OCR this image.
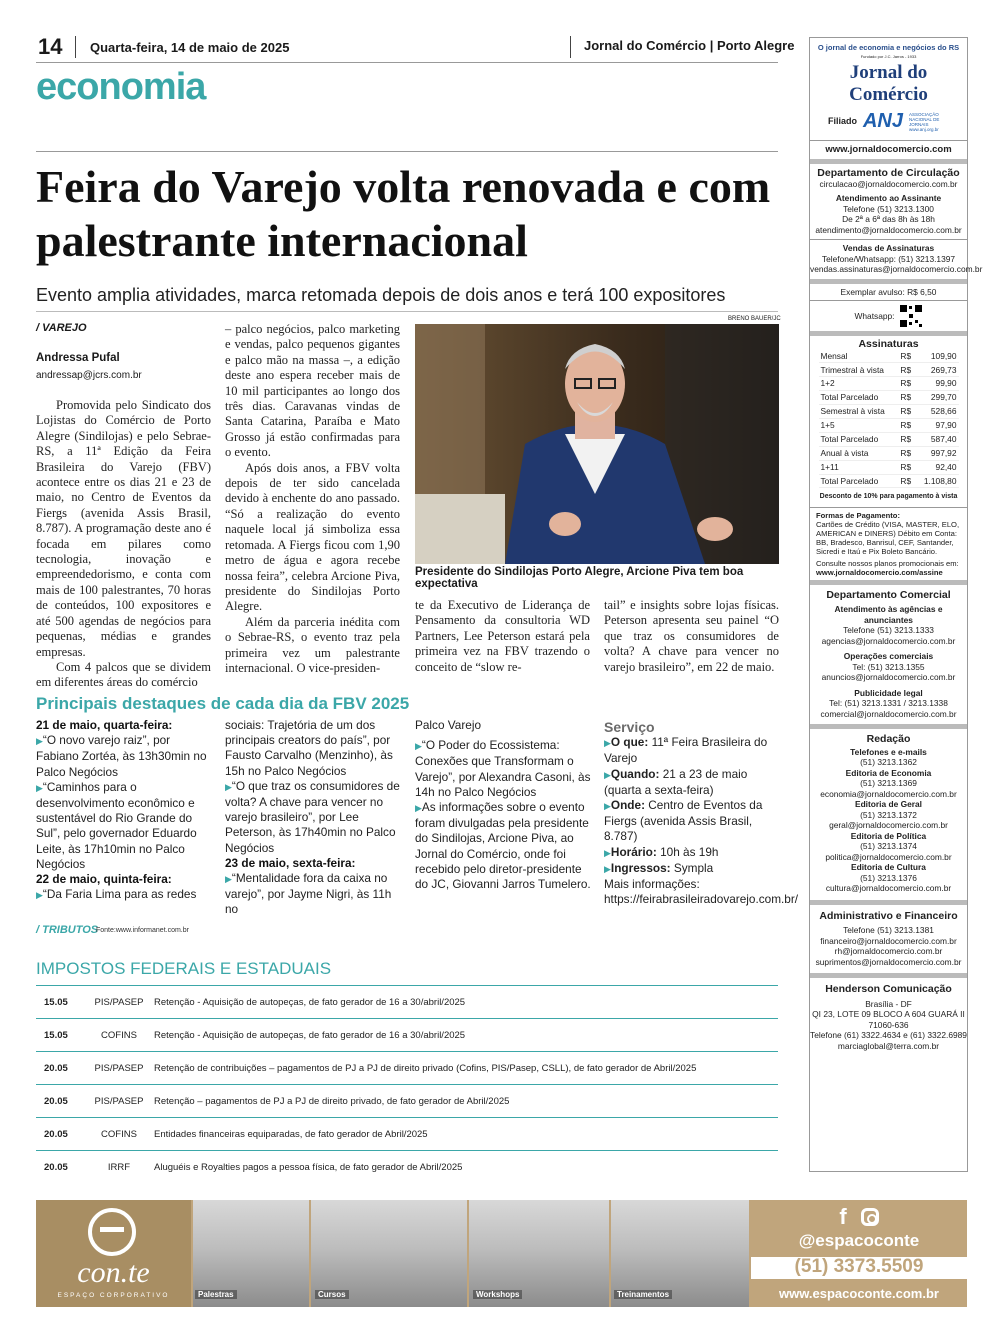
14 Quarta-feira, 14 de maio de 2025	Jornal do Comércio | Porto Alegre
economia
Feira do Varejo volta renovada e com palestrante internacional
Evento amplia atividades, marca retomada depois de dois anos e terá 100 expositores
/ VAREJO
Andressa Pufal
andressap@jcrs.com.br

Promovida pelo Sindicato dos Lojistas do Comércio de Porto Alegre (Sindilojas) e pelo Sebrae-RS, a 11ª Edição da Feira Brasileira do Varejo (FBV) acontece entre os dias 21 e 23 de maio, no Centro de Eventos da Fiergs (avenida Assis Brasil, 8.787). A programação deste ano é focada em pilares como tecnologia, inovação e empreendedorismo, e conta com mais de 100 palestrantes, 70 horas de conteúdos, 100 expositores e até 500 agendas de negócios para pequenas, médias e grandes empresas.

Com 4 palcos que se dividem em diferentes áreas do comércio

– palco negócios, palco marketing e vendas, palco pequenos gigantes e palco mão na massa –, a edição deste ano espera receber mais de 10 mil participantes ao longo dos três dias. Caravanas vindas de Santa Catarina, Paraíba e Mato Grosso já estão confirmadas para o evento.

Após dois anos, a FBV volta depois de ter sido cancelada devido à enchente do ano passado. “Só a realização do evento naquele local já simboliza essa retomada. A Fiergs ficou com 1,90 metro de água e agora recebe nossa feira”, celebra Arcione Piva, presidente do Sindilojas Porto Alegre.

Além da parceria inédita com o Sebrae-RS, o evento traz pela primeira vez um palestrante internacional. O vice-presiden-

BRENO BAUER/JC
Presidente do Sindilojas Porto Alegre, Arcione Piva tem boa expectativa

te da Executivo de Liderança de Pensamento da consultoria WD Partners, Lee Peterson estará pela primeira vez na FBV trazendo o conceito de “slow re-

tail” e insights sobre lojas físicas. Peterson apresenta seu painel “O que traz os consumidores de volta? A chave para vencer no varejo brasileiro”, em 22 de maio.

Principais destaques de cada dia da FBV 2025
21 de maio, quarta-feira:
▶“O novo varejo raiz”, por Fabiano Zortéa, às 13h30min no Palco Negócios
▶“Caminhos para o desenvolvimento econômico e sustentável do Rio Grande do Sul”, pelo governador Eduardo Leite, às 17h10min no Palco Negócios
22 de maio, quinta-feira:
▶“Da Faria Lima para as redes
sociais: Trajetória de um dos principais creators do país”, por Fausto Carvalho (Menzinho), às 15h no Palco Negócios
▶“O que traz os consumidores de volta? A chave para vencer no varejo brasileiro”, por Lee Peterson, às 17h40min no Palco Negócios
23 de maio, sexta-feira:
▶“Mentalidade fora da caixa no varejo”, por Jayme Nigri, às 11h no
Palco Varejo
▶“O Poder do Ecossistema: Conexões que Transformam o Varejo”, por Alexandra Casoni, às 14h no Palco Negócios
▶As informações sobre o evento foram divulgadas pela presidente do Sindilojas, Arcione Piva, ao Jornal do Comércio, onde foi recebido pelo diretor-presidente do JC, Giovanni Jarros Tumelero.
Serviço
▶O que: 11ª Feira Brasileira do Varejo
▶Quando: 21 a 23 de maio (quarta a sexta-feira)
▶Onde: Centro de Eventos da Fiergs (avenida Assis Brasil, 8.787)
▶Horário: 10h às 19h
▶Ingressos: Sympla
Mais informações: https://feirabrasileiradovarejo.com.br/
/ TRIBUTOS
Fonte:www.informanet.com.br
IMPOSTOS FEDERAIS E ESTADUAIS
15.05	PIS/PASEP	Retenção - Aquisição de autopeças, de fato gerador de 16 a 30/abril/2025
15.05	COFINS	Retenção - Aquisição de autopeças, de fato gerador de 16 a 30/abril/2025
20.05	PIS/PASEP	Retenção de contribuições – pagamentos de PJ a PJ de direito privado (Cofins, PIS/Pasep, CSLL), de fato gerador de Abril/2025
20.05	PIS/PASEP	Retenção – pagamentos de PJ a PJ de direito privado, de fato gerador de Abril/2025
20.05	COFINS	Entidades financeiras equiparadas, de fato gerador de Abril/2025
20.05	IRRF	Aluguéis e Royalties pagos a pessoa física, de fato gerador de Abril/2025
O jornal de economia e negócios do RS
Fundado por J.C. Jarros - 1933
Jornal do Comércio
Filiado ANJ ASSOCIAÇÃO NACIONAL DE JORNAIS www.anj.org.br
www.jornaldocomercio.com
Departamento de Circulação
circulacao@jornaldocomercio.com.br
Atendimento ao Assinante
Telefone (51) 3213.1300
De 2ª a 6ª das 8h às 18h
atendimento@jornaldocomercio.com.br
Vendas de Assinaturas
Telefone/Whatsapp: (51) 3213.1397
vendas.assinaturas@jornaldocomercio.com.br
Exemplar avulso: R$ 6,50
Whatsapp:
Assinaturas
Mensal	R$	109,90
Trimestral à vista	R$	269,73
1+2	R$	99,90
Total Parcelado	R$	299,70
Semestral à vista	R$	528,66
1+5	R$	97,90
Total Parcelado	R$	587,40
Anual à vista	R$	997,92
1+11	R$	92,40
Total Parcelado	R$	1.108,80
Desconto de 10% para pagamento à vista
Formas de Pagamento:
Cartões de Crédito (VISA, MASTER, ELO, AMERICAN e DINERS) Débito em Conta: BB, Bradesco, Banrisul, CEF, Santander, Sicredi e Itaú e Pix Boleto Bancário.
Consulte nossos planos promocionais em:
www.jornaldocomercio.com/assine
Departamento Comercial
Atendimento às agências e anunciantes
Telefone (51) 3213.1333
agencias@jornaldocomercio.com.br
Operações comerciais
Tel: (51) 3213.1355
anuncios@jornaldocomercio.com.br
Publicidade legal
Tel: (51) 3213.1331 / 3213.1338
comercial@jornaldocomercio.com.br
Redação
Telefones e e-mails
(51) 3213.1362
Editoria de Economia
(51) 3213.1369
economia@jornaldocomercio.com.br
Editoria de Geral
(51) 3213.1372
geral@jornaldocomercio.com.br
Editoria de Política
(51) 3213.1374
politica@jornaldocomercio.com.br
Editoria de Cultura
(51) 3213.1376
cultura@jornaldocomercio.com.br
Administrativo e Financeiro
Telefone (51) 3213.1381
financeiro@jornaldocomercio.com.br
rh@jornaldocomercio.com.br
suprimentos@jornaldocomercio.com.br
Henderson Comunicação
Brasília - DF
QI 23, LOTE 09 BLOCO A 604 GUARÁ II
71060-636
Telefone (61) 3322.4634 e (61) 3322.6989
marciaglobal@terra.com.br
con.te
ESPAÇO CORPORATIVO	Palestras	Cursos	Workshops	Treinamentos
f
@espacoconte
(51) 3373.5509
www.espacoconte.com.br
